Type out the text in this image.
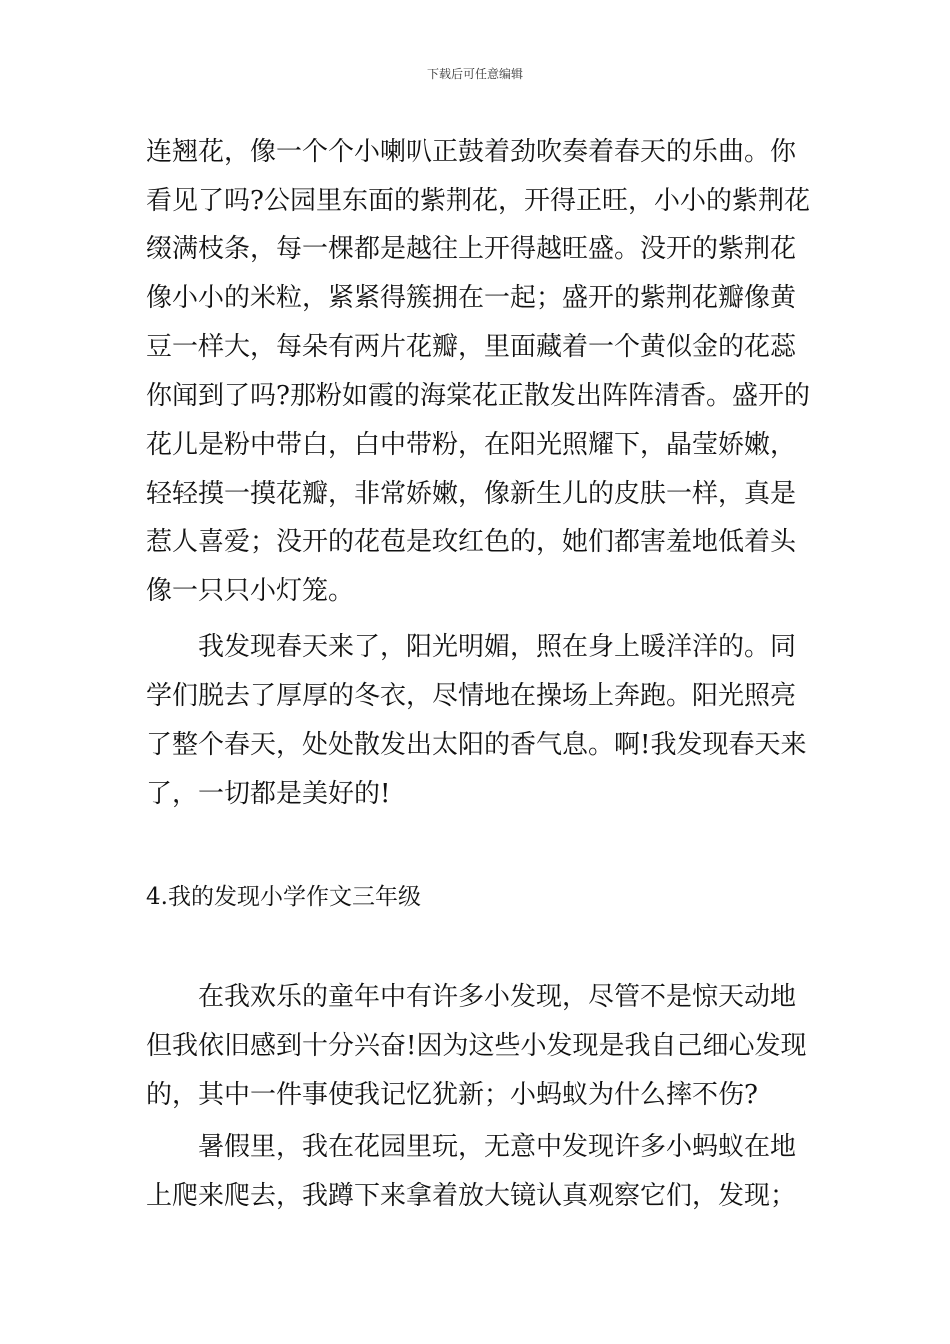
下载后可任意编辑
连翘花，像一个个小喇叭正鼓着劲吹奏着春天的乐曲。你
看见了吗?公园里东面的紫荆花，开得正旺，小小的紫荆花
缀满枝条，每一棵都是越往上开得越旺盛。没开的紫荆花
像小小的米粒，紧紧得簇拥在一起；盛开的紫荆花瓣像黄
豆一样大，每朵有两片花瓣，里面藏着一个黄似金的花蕊
你闻到了吗?那粉如霞的海棠花正散发出阵阵清香。盛开的
花儿是粉中带白，白中带粉，在阳光照耀下，晶莹娇嫩，
轻轻摸一摸花瓣，非常娇嫩，像新生儿的皮肤一样，真是
惹人喜爱；没开的花苞是玫红色的，她们都害羞地低着头
像一只只小灯笼。
我发现春天来了，阳光明媚，照在身上暖洋洋的。同
学们脱去了厚厚的冬衣，尽情地在操场上奔跑。阳光照亮
了整个春天，处处散发出太阳的香气息。啊!我发现春天来
了，一切都是美好的!
4.我的发现小学作文三年级
在我欢乐的童年中有许多小发现，尽管不是惊天动地
但我依旧感到十分兴奋!因为这些小发现是我自己细心发现
的，其中一件事使我记忆犹新；小蚂蚁为什么摔不伤?
暑假里，我在花园里玩，无意中发现许多小蚂蚁在地
上爬来爬去，我蹲下来拿着放大镜认真观察它们，发现；
